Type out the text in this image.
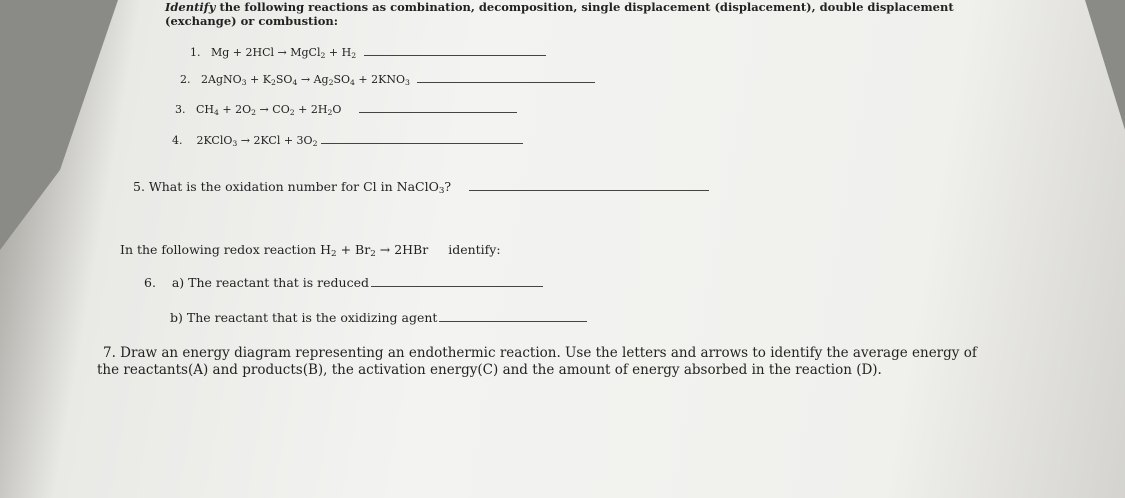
Identify the following reactions as combination, decomposition, single displacement (displacement), double displacement
(exchange) or combustion:
1. Mg + 2HCl → MgCl$_2$ + $H_2$
2. 2AgNO$_3$ + $K_2SO_4 \to Ag_2SO_4 + 2KNO_3$
3. $CH_4 + 2O_2 \to CO_2 + 2H_2O$
4. 2KClO$_3$ → $2KCl + 3O_2$
5. What is the oxidation number for Cl in NaClO$_3$?
In the following redox reaction $H_2 + Br_2 \to 2HBr$ identify:
6. a) The reactant that is reduced
b) The reactant that is the oxidizing agent
7. Draw an energy diagram representing an endothermic reaction. Use the letters and arrows to identify the average energy of
the reactants(A) and products(B), the activation energy(C) and the amount of energy absorbed in the reaction (D).
